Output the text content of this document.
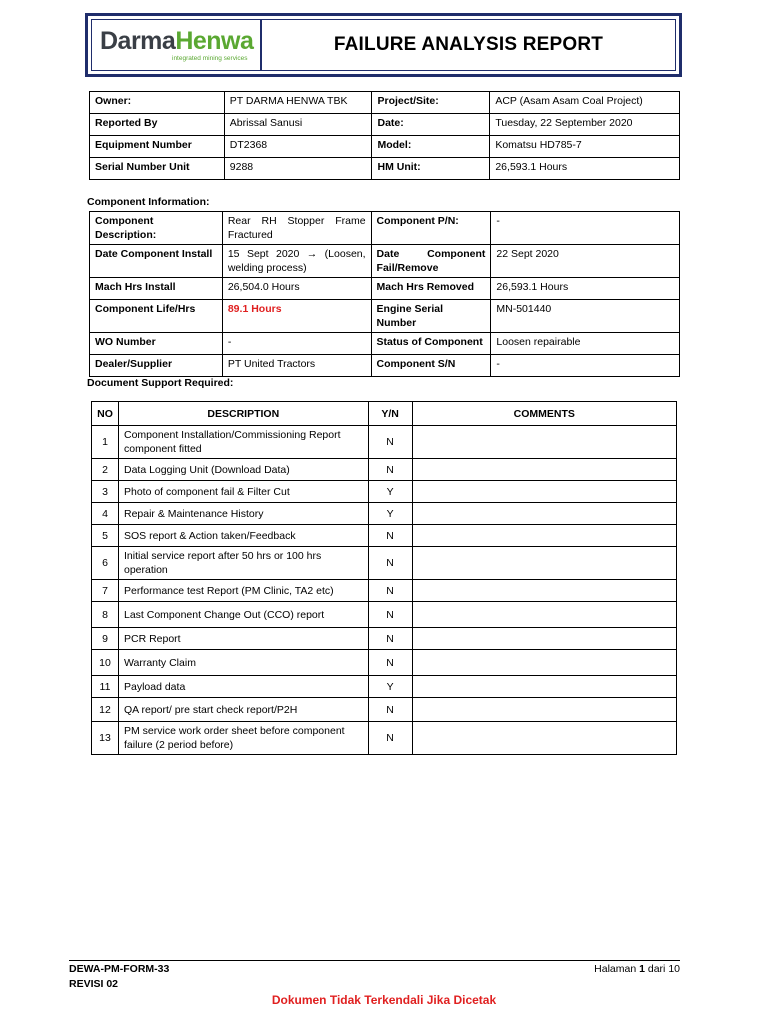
DarmaHenwa
integrated mining services
FAILURE ANALYSIS REPORT
Owner:	PT DARMA HENWA TBK	Project/Site:	ACP (Asam Asam Coal Project)
Reported By	Abrissal Sanusi	Date:	Tuesday, 22 September 2020
Equipment Number	DT2368	Model:	Komatsu HD785-7
Serial Number Unit	9288	HM Unit:	26,593.1 Hours
Component Information:
Component Description:	Rear RH Stopper Frame Fractured	Component P/N:	-
Date Component Install	15 Sept 2020 → (Loosen, welding process)	Date Component Fail/Remove	22 Sept 2020
Mach Hrs Install	26,504.0 Hours	Mach Hrs Removed	26,593.1 Hours
Component Life/Hrs	89.1 Hours	Engine Serial Number	MN-501440
WO Number	-	Status of Component	Loosen repairable
Dealer/Supplier	PT United Tractors	Component S/N	-
Document Support Required:
NO	DESCRIPTION	Y/N	COMMENTS
1	Component Installation/Commissioning Report component fitted	N	
2	Data Logging Unit (Download Data)	N	
3	Photo of component fail & Filter Cut	Y	
4	Repair & Maintenance History	Y	
5	SOS report & Action taken/Feedback	N	
6	Initial service report after 50 hrs or 100 hrs operation	N	
7	Performance test Report (PM Clinic, TA2 etc)	N	
8	Last Component Change Out (CCO) report	N	
9	PCR Report	N	
10	Warranty Claim	N	
11	Payload data	Y	
12	QA report/ pre start check report/P2H	N	
13	PM service work order sheet before component failure (2 period before)	N	
DEWA-PM-FORM-33
REVISI 02
Halaman 1 dari 10
Dokumen Tidak Terkendali Jika Dicetak
